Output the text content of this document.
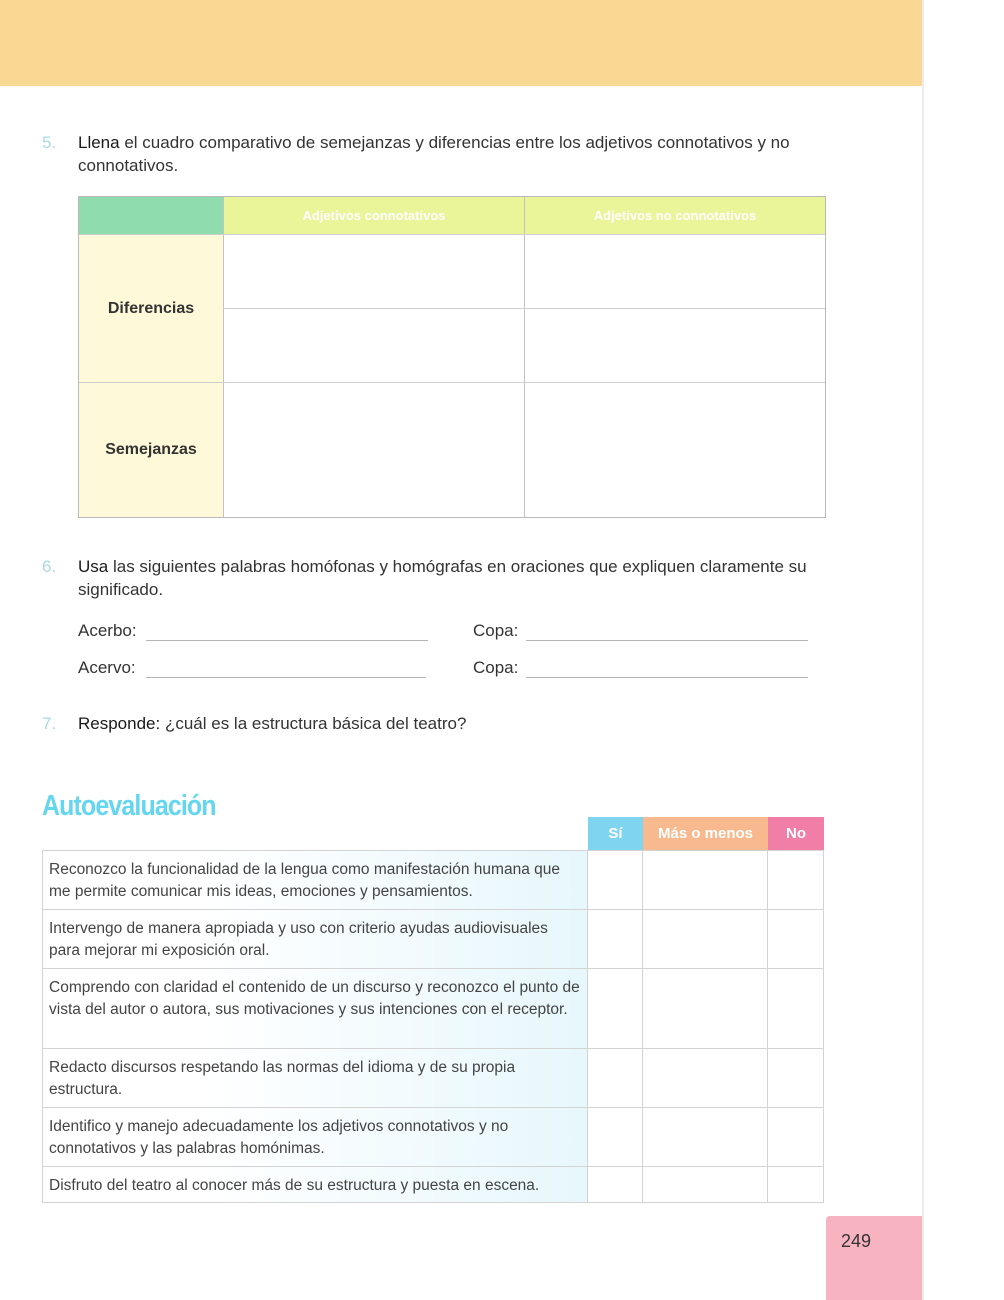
5. Llena el cuadro comparativo de semejanzas y diferencias entre los adjetivos connotativos y no connotativos.
Adjetivos connotativos	Adjetivos no connotativos
Diferencias
Semejanzas
6. Usa las siguientes palabras homófonas y homógrafas en oraciones que expliquen claramente su significado.
Acerbo:	Copa:
Acervo:	Copa:
7. Responde: ¿cuál es la estructura básica del teatro?
Autoevaluación
Sí Más o menos No
Reconozco la funcionalidad de la lengua como manifestación humana que me permite comunicar mis ideas, emociones y pensamientos.
Intervengo de manera apropiada y uso con criterio ayudas audiovisuales para mejorar mi exposición oral.
Comprendo con claridad el contenido de un discurso y reconozco el punto de vista del autor o autora, sus motivaciones y sus intenciones con el receptor.
Redacto discursos respetando las normas del idioma y de su propia estructura.
Identifico y manejo adecuadamente los adjetivos connotativos y no connotativos y las palabras homónimas.
Disfruto del teatro al conocer más de su estructura y puesta en escena.
249
